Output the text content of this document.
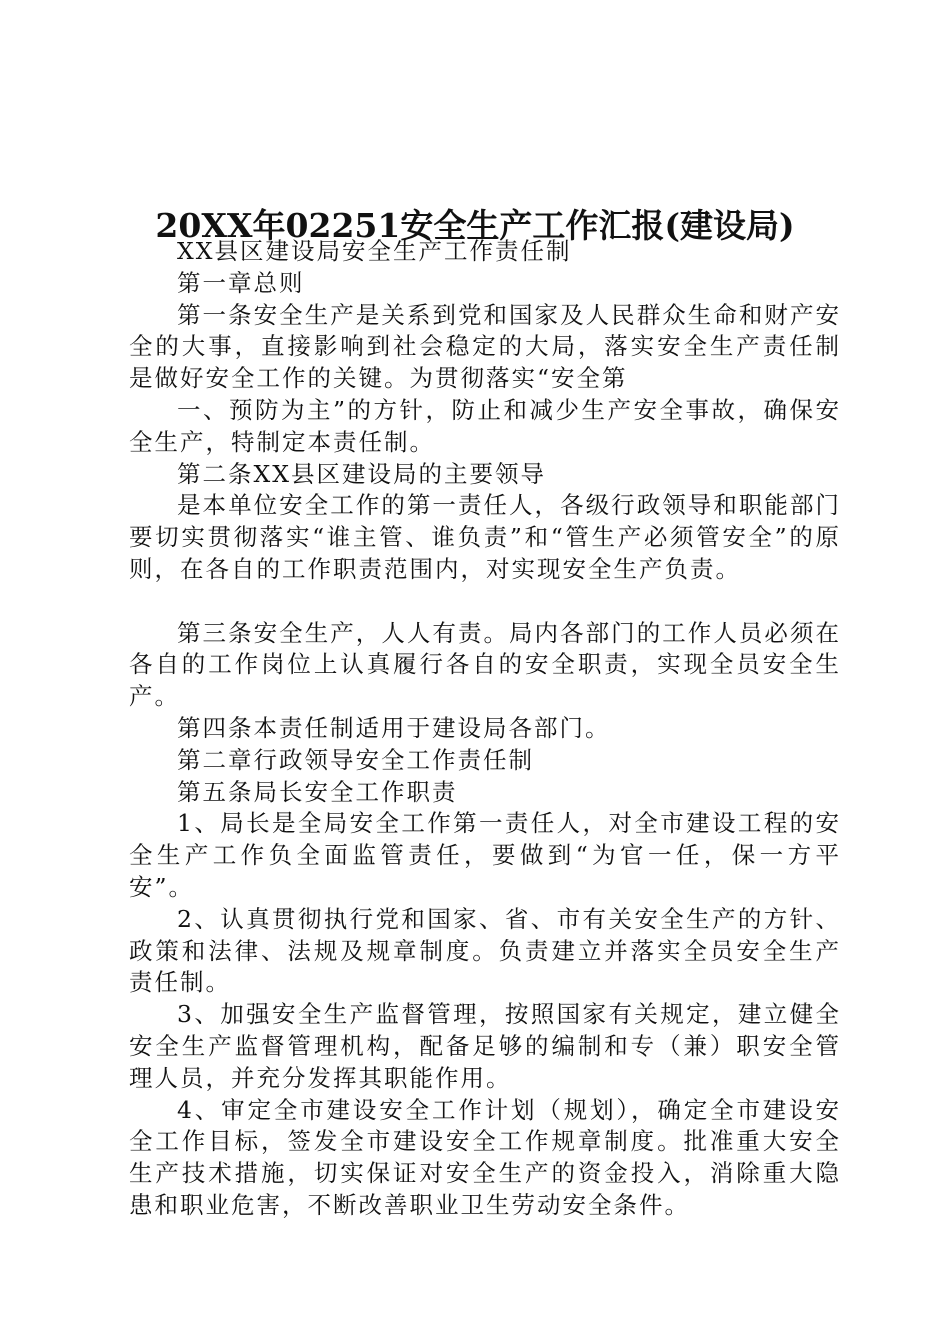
20XX年02251安全生产工作汇报(建设局)

XX县区建设局安全生产工作责任制

第一章总则

第一条安全生产是关系到党和国家及人民群众生命和财产安全的大事，直接影响到社会稳定的大局，落实安全生产责任制是做好安全工作的关键。为贯彻落实“安全第

一、预防为主”的方针，防止和减少生产安全事故，确保安全生产，特制定本责任制。

第二条XX县区建设局的主要领导

是本单位安全工作的第一责任人，各级行政领导和职能部门要切实贯彻落实“谁主管、谁负责”和“管生产必须管安全”的原则，在各自的工作职责范围内，对实现安全生产负责。

第三条安全生产，人人有责。局内各部门的工作人员必须在各自的工作岗位上认真履行各自的安全职责，实现全员安全生产。

第四条本责任制适用于建设局各部门。

第二章行政领导安全工作责任制

第五条局长安全工作职责

1、局长是全局安全工作第一责任人，对全市建设工程的安全生产工作负全面监管责任，要做到“为官一任，保一方平安”。

2、认真贯彻执行党和国家、省、市有关安全生产的方针、政策和法律、法规及规章制度。负责建立并落实全员安全生产责任制。

3、加强安全生产监督管理，按照国家有关规定，建立健全安全生产监督管理机构，配备足够的编制和专（兼）职安全管理人员，并充分发挥其职能作用。

4、审定全市建设安全工作计划（规划），确定全市建设安全工作目标，签发全市建设安全工作规章制度。批准重大安全生产技术措施，切实保证对安全生产的资金投入，消除重大隐患和职业危害，不断改善职业卫生劳动安全条件。
